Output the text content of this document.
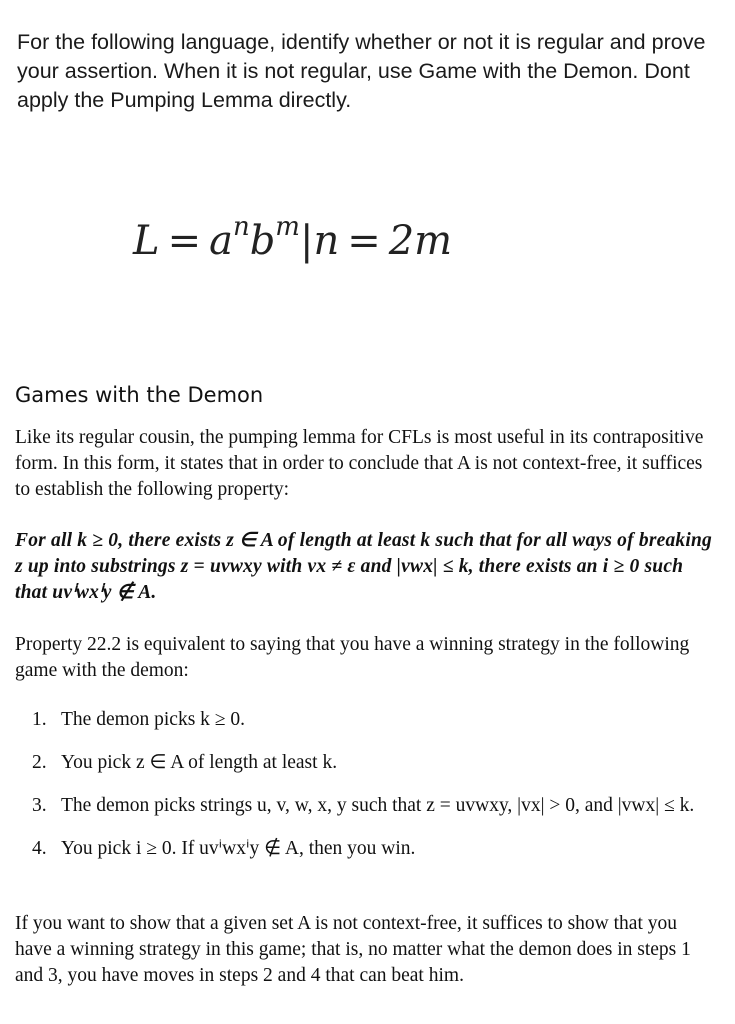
For the following language, identify whether or not it is regular and prove your assertion. When it is not regular, use Game with the Demon. Dont apply the Pumping Lemma directly.

$L = a^nb^m|n = 2m$
Games with the Demon

Like its regular cousin, the pumping lemma for CFLs is most useful in its contrapositive form. In this form, it states that in order to conclude that A is not context-free, it suffices to establish the following property:

For all k ≥ 0, there exists z ∈ A of length at least k such that for all ways of breaking z up into substrings z = uvwxy with vx ≠ ε and |vwx| ≤ k, there exists an i ≥ 0 such that uvⁱwxⁱy ∉ A.

Property 22.2 is equivalent to saying that you have a winning strategy in the following game with the demon:

1. The demon picks k ≥ 0.
2. You pick z ∈ A of length at least k.
3. The demon picks strings u, v, w, x, y such that z = uvwxy, |vx| > 0, and |vwx| ≤ k.
4. You pick i ≥ 0. If uvⁱwxⁱy ∉ A, then you win.

If you want to show that a given set A is not context-free, it suffices to show that you have a winning strategy in this game; that is, no matter what the demon does in steps 1 and 3, you have moves in steps 2 and 4 that can beat him.
